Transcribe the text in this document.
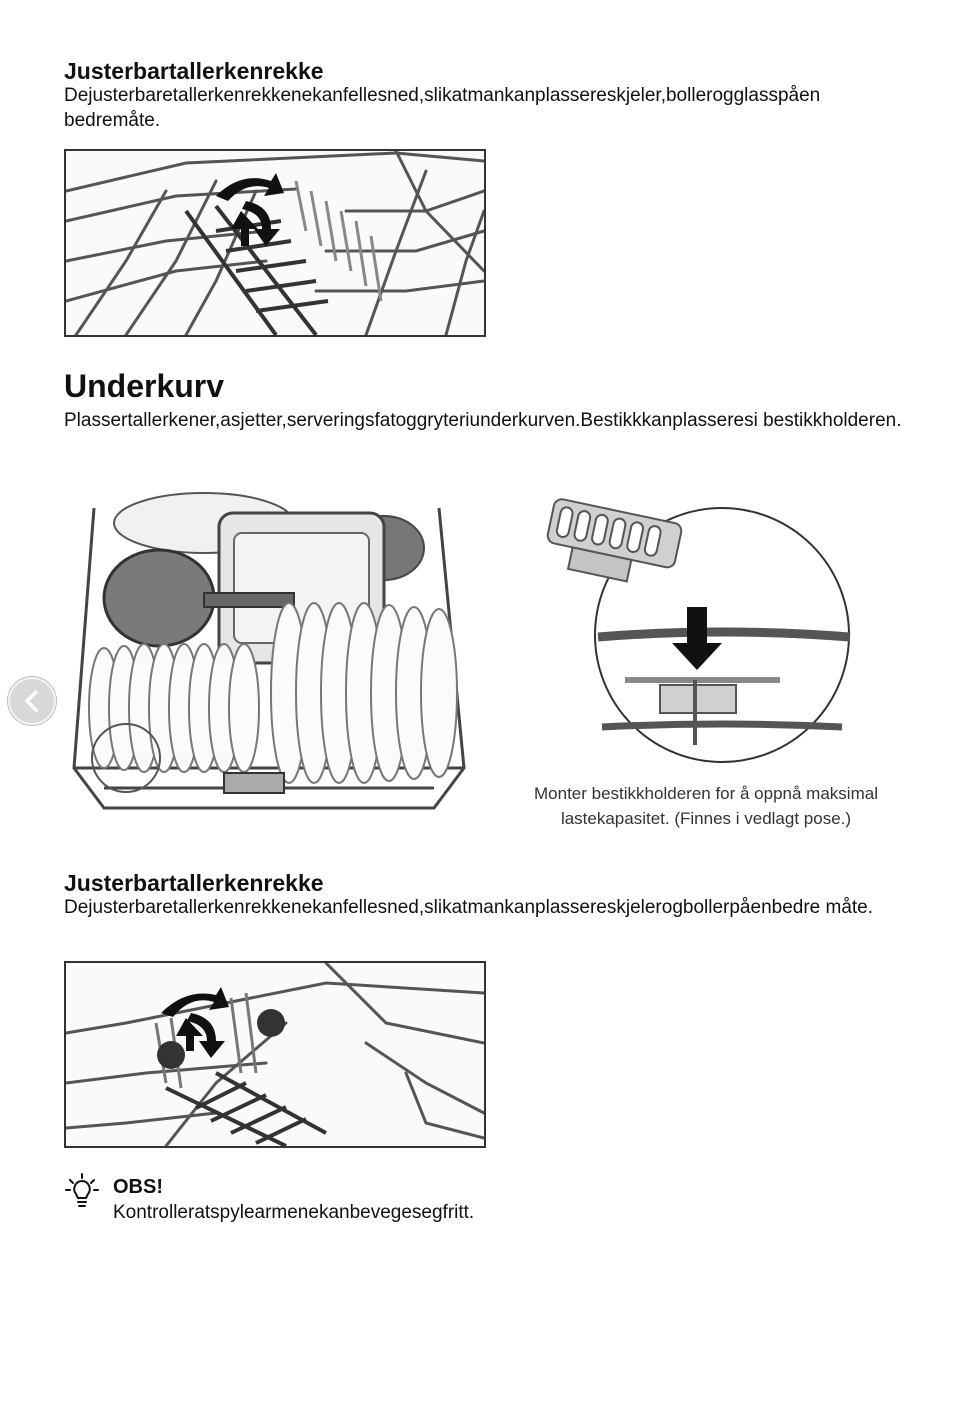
Justerbartallerkenrekke

Dejusterbaretallerkenrekkenekanfellesned,slikatmankanplassereskjeler,bollerogglasspåen bedremåte.

Underkurv

Plassertallerkener,asjetter,serveringsfatoggryteriunderkurven.Bestikkkanplasseresi bestikkholderen.

Monter bestikkholderen for å oppnå maksimal
lastekapasitet. (Finnes i vedlagt pose.)
Justerbartallerkenrekke

Dejusterbaretallerkenrekkenekanfellesned,slikatmankanplassereskjelerogbollerpåenbedre måte.

OBS!
Kontrolleratspylearmenekanbevegesegfritt.
